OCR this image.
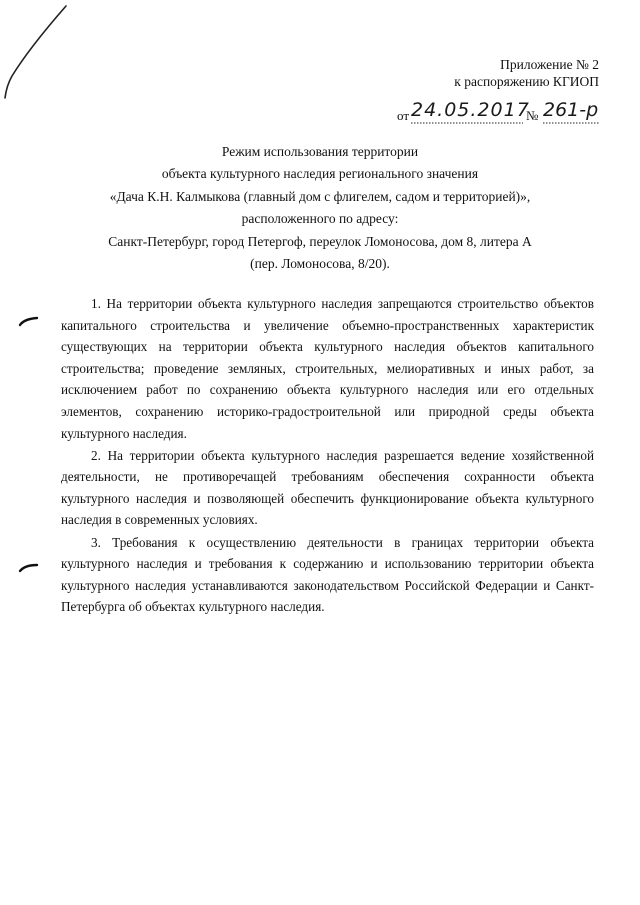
Приложение № 2
к распоряжению КГИОП
от 24.05.2017
№ 261-р
Режим использования территории
объекта культурного наследия регионального значения
«Дача К.Н. Калмыкова (главный дом с флигелем, садом и территорией)»,
расположенного по адресу:
Санкт-Петербург, город Петергоф, переулок Ломоносова, дом 8, литера А
(пер. Ломоносова, 8/20).

1. На территории объекта культурного наследия запрещаются строительство объектов капитального строительства и увеличение объемно-пространственных характеристик существующих на территории объекта культурного наследия объектов капитального строительства; проведение земляных, строительных, мелиоративных и иных работ, за исключением работ по сохранению объекта культурного наследия или его отдельных элементов, сохранению историко-градостроительной или природной среды объекта культурного наследия.

2. На территории объекта культурного наследия разрешается ведение хозяйственной деятельности, не противоречащей требованиям обеспечения сохранности объекта культурного наследия и позволяющей обеспечить функционирование объекта культурного наследия в современных условиях.

3. Требования к осуществлению деятельности в границах территории объекта культурного наследия и требования к содержанию и использованию территории объекта культурного наследия устанавливаются законодательством Российской Федерации и Санкт-Петербурга об объектах культурного наследия.
